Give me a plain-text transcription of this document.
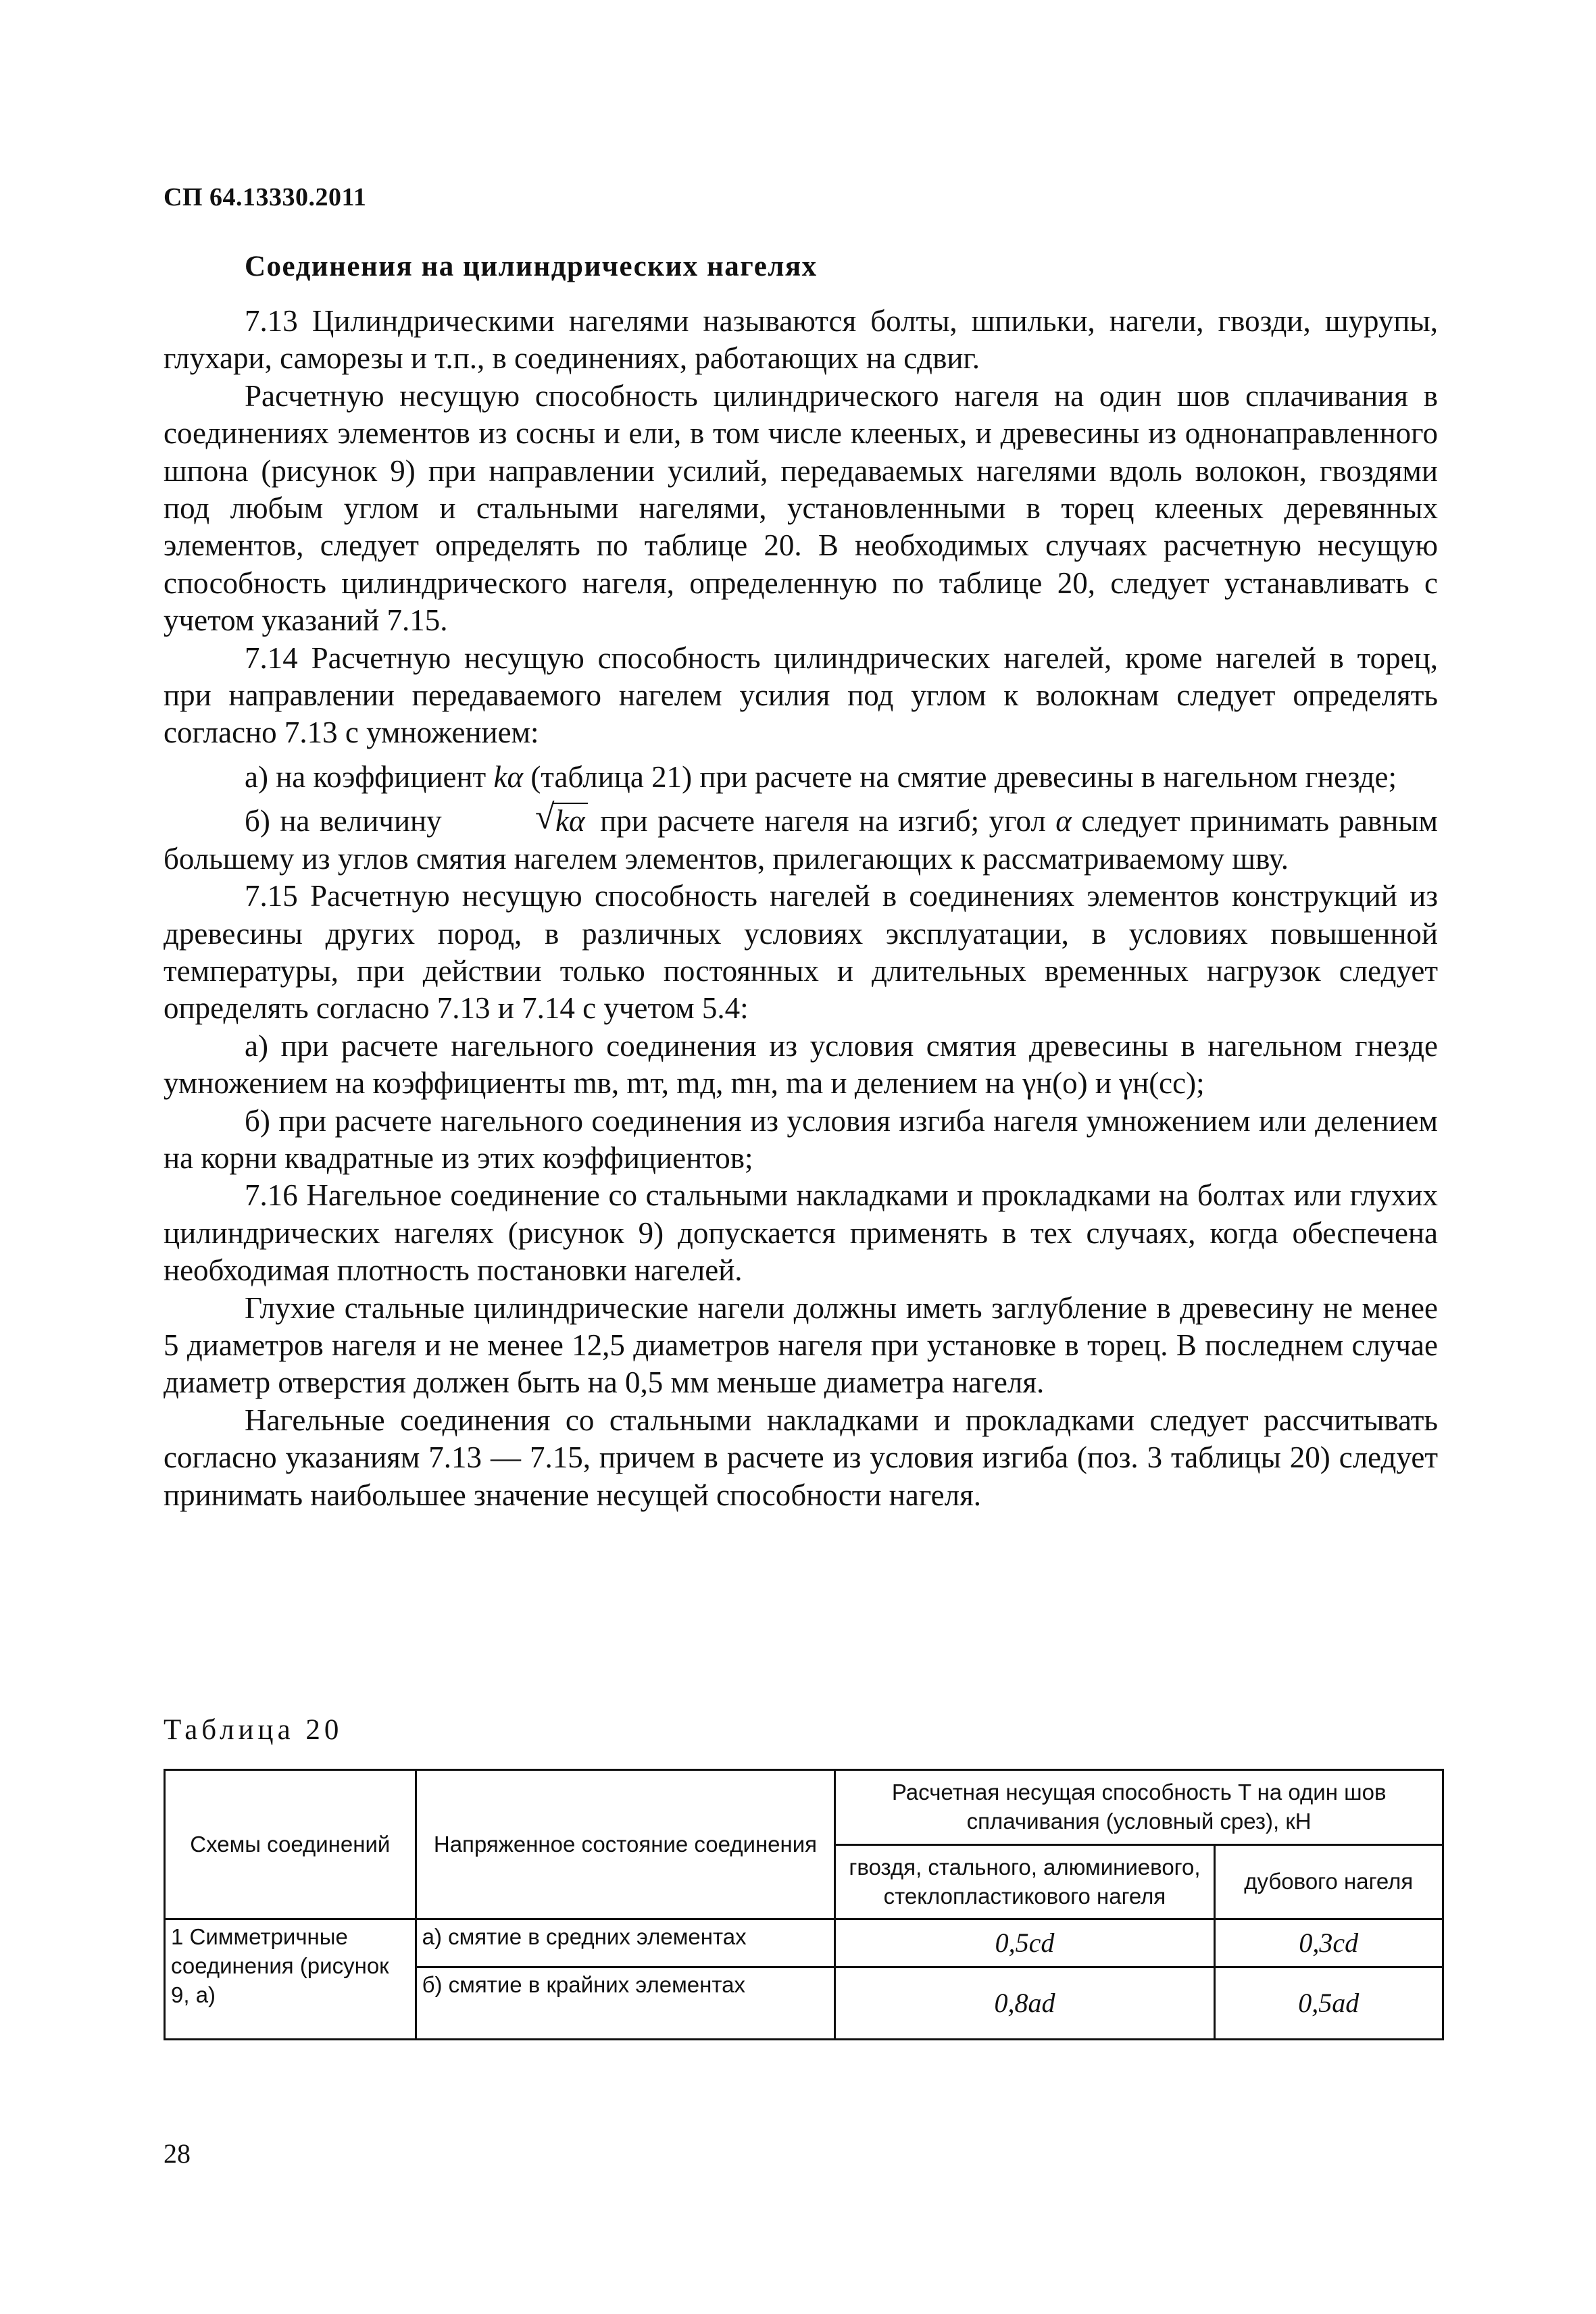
СП 64.13330.2011
Соединения на цилиндрических нагелях

7.13 Цилиндрическими нагелями называются болты, шпильки, нагели, гвозди, шурупы, глухари, саморезы и т.п., в соединениях, работающих на сдвиг.

Расчетную несущую способность цилиндрического нагеля на один шов сплачивания в соединениях элементов из сосны и ели, в том числе клееных, и древесины из однонаправленного шпона (рисунок 9) при направлении усилий, передаваемых нагелями вдоль волокон, гвоздями под любым углом и стальными нагелями, установленными в торец клееных деревянных элементов, следует определять по таблице 20. В необходимых случаях расчетную несущую способность цилиндрического нагеля, определенную по таблице 20, следует устанавливать с учетом указаний 7.15.

7.14 Расчетную несущую способность цилиндрических нагелей, кроме нагелей в торец, при направлении передаваемого нагелем усилия под углом к волокнам следует определять согласно 7.13 с умножением:

а) на коэффициент kα (таблица 21) при расчете на смятие древесины в нагельном гнезде;

б) на величину	√ kα при расчете нагеля на изгиб; угол α следует принимать равным большему из углов смятия нагелем элементов, прилегающих к рассматриваемому шву.

7.15 Расчетную несущую способность нагелей в соединениях элементов конструкций из древесины других пород, в различных условиях эксплуатации, в условиях повышенной температуры, при действии только постоянных и длительных временных нагрузок следует определять согласно 7.13 и 7.14 с учетом 5.4:

а) при расчете нагельного соединения из условия смятия древесины в нагельном гнезде умножением на коэффициенты mв, mт, mд, mн, mа и делением на γн(о) и γн(сс);

б) при расчете нагельного соединения из условия изгиба нагеля умножением или делением на корни квадратные из этих коэффициентов;

7.16 Нагельное соединение со стальными накладками и прокладками на болтах или глухих цилиндрических нагелях (рисунок 9) допускается применять в тех случаях, когда обеспечена необходимая плотность постановки нагелей.

Глухие стальные цилиндрические нагели должны иметь заглубление в древесину не менее 5 диаметров нагеля и не менее 12,5 диаметров нагеля при установке в торец. В последнем случае диаметр отверстия должен быть на 0,5 мм меньше диаметра нагеля.

Нагельные соединения со стальными накладками и прокладками следует рассчитывать согласно указаниям 7.13 — 7.15, причем в расчете из условия изгиба (поз. 3 таблицы 20) следует принимать наибольшее значение несущей способности нагеля.

Таблица 20
Схемы соединений	Напряженное состояние соединения	Расчетная несущая способность T на один шов сплачивания (условный срез), кН	
		гвоздя, стального, алюминиевого, стеклопластикового нагеля	дубового нагеля
1 Симметричные соединения (рисунок 9, а)	а) смятие в средних элементах	0,5cd	0,3cd
	б) смятие в крайних элементах	0,8ad	0,5ad
28
